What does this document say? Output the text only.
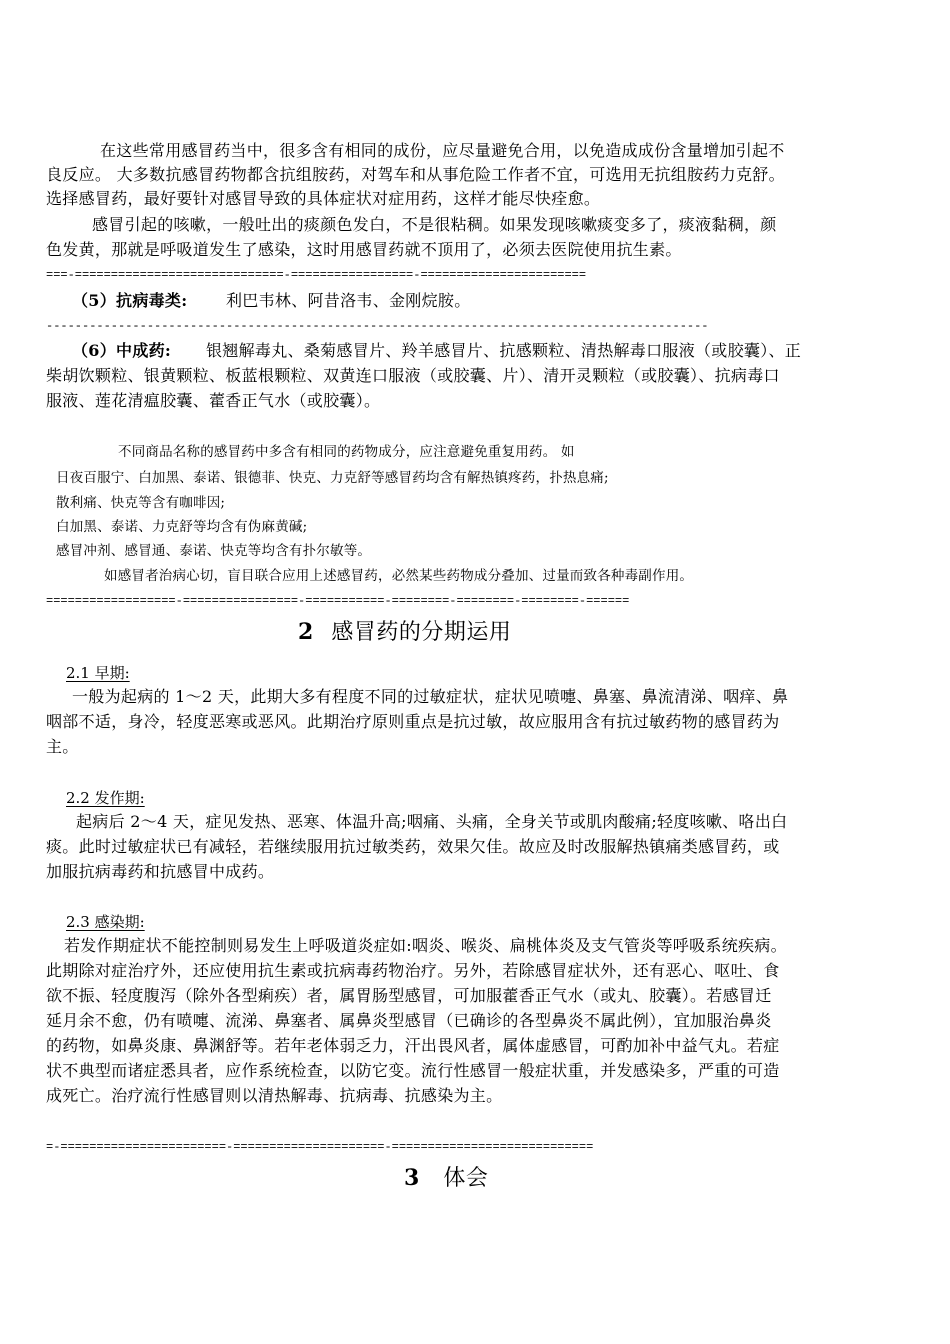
在这些常用感冒药当中，很多含有相同的成份，应尽量避免合用，以免造成成份含量增加引起不
良反应。 大多数抗感冒药物都含抗组胺药，对驾车和从事危险工作者不宜，可选用无抗组胺药力克舒。
选择感冒药，最好要针对感冒导致的具体症状对症用药，这样才能尽快痊愈。
感冒引起的咳嗽，一般吐出的痰颜色发白，不是很粘稠。如果发现咳嗽痰变多了，痰液黏稠，颜
色发黄，那就是呼吸道发生了感染，这时用感冒药就不顶用了，必须去医院使用抗生素。
===-=============================-=================-=======================
（5）抗病毒类: 利巴韦林、阿昔洛韦、金刚烷胺。
--------------------------------------------------------------------------------------------
（6）中成药: 银翘解毒丸、桑菊感冒片、羚羊感冒片、抗感颗粒、清热解毒口服液（或胶囊）、正
柴胡饮颗粒、银黄颗粒、板蓝根颗粒、双黄连口服液（或胶囊、片）、清开灵颗粒（或胶囊）、抗病毒口
服液、莲花清瘟胶囊、藿香正气水（或胶囊）。
不同商品名称的感冒药中多含有相同的药物成分，应注意避免重复用药。 如
日夜百服宁、白加黑、泰诺、银德菲、快克、力克舒等感冒药均含有解热镇疼药，扑热息痛;
散利痛、快克等含有咖啡因;
白加黑、泰诺、力克舒等均含有伪麻黄碱;
感冒冲剂、感冒通、泰诺、快克等均含有扑尔敏等。
如感冒者治病心切，盲目联合应用上述感冒药，必然某些药物成分叠加、过量而致各种毒副作用。
==================-================-===========-========-========-========-======
2 感冒药的分期运用
2.1 早期:
一般为起病的 1～2 天，此期大多有程度不同的过敏症状，症状见喷嚏、鼻塞、鼻流清涕、咽痒、鼻
咽部不适，身冷，轻度恶寒或恶风。此期治疗原则重点是抗过敏，故应服用含有抗过敏药物的感冒药为
主。
2.2 发作期:
起病后 2～4 天，症见发热、恶寒、体温升高;咽痛、头痛，全身关节或肌肉酸痛;轻度咳嗽、咯出白
痰。此时过敏症状已有减轻，若继续服用抗过敏类药，效果欠佳。故应及时改服解热镇痛类感冒药，或
加服抗病毒药和抗感冒中成药。
2.3 感染期:
若发作期症状不能控制则易发生上呼吸道炎症如:咽炎、喉炎、扁桃体炎及支气管炎等呼吸系统疾病。
此期除对症治疗外，还应使用抗生素或抗病毒药物治疗。另外，若除感冒症状外，还有恶心、呕吐、食
欲不振、轻度腹泻（除外各型痢疾）者，属胃肠型感冒，可加服藿香正气水（或丸、胶囊）。若感冒迁
延月余不愈，仍有喷嚏、流涕、鼻塞者、属鼻炎型感冒（已确诊的各型鼻炎不属此例），宜加服治鼻炎
的药物，如鼻炎康、鼻渊舒等。若年老体弱乏力，汗出畏风者，属体虚感冒，可酌加补中益气丸。若症
状不典型而诸症悉具者，应作系统检查，以防它变。流行性感冒一般症状重，并发感染多，严重的可造
成死亡。治疗流行性感冒则以清热解毒、抗病毒、抗感染为主。
=-=======================-=====================-============================
3 体会
